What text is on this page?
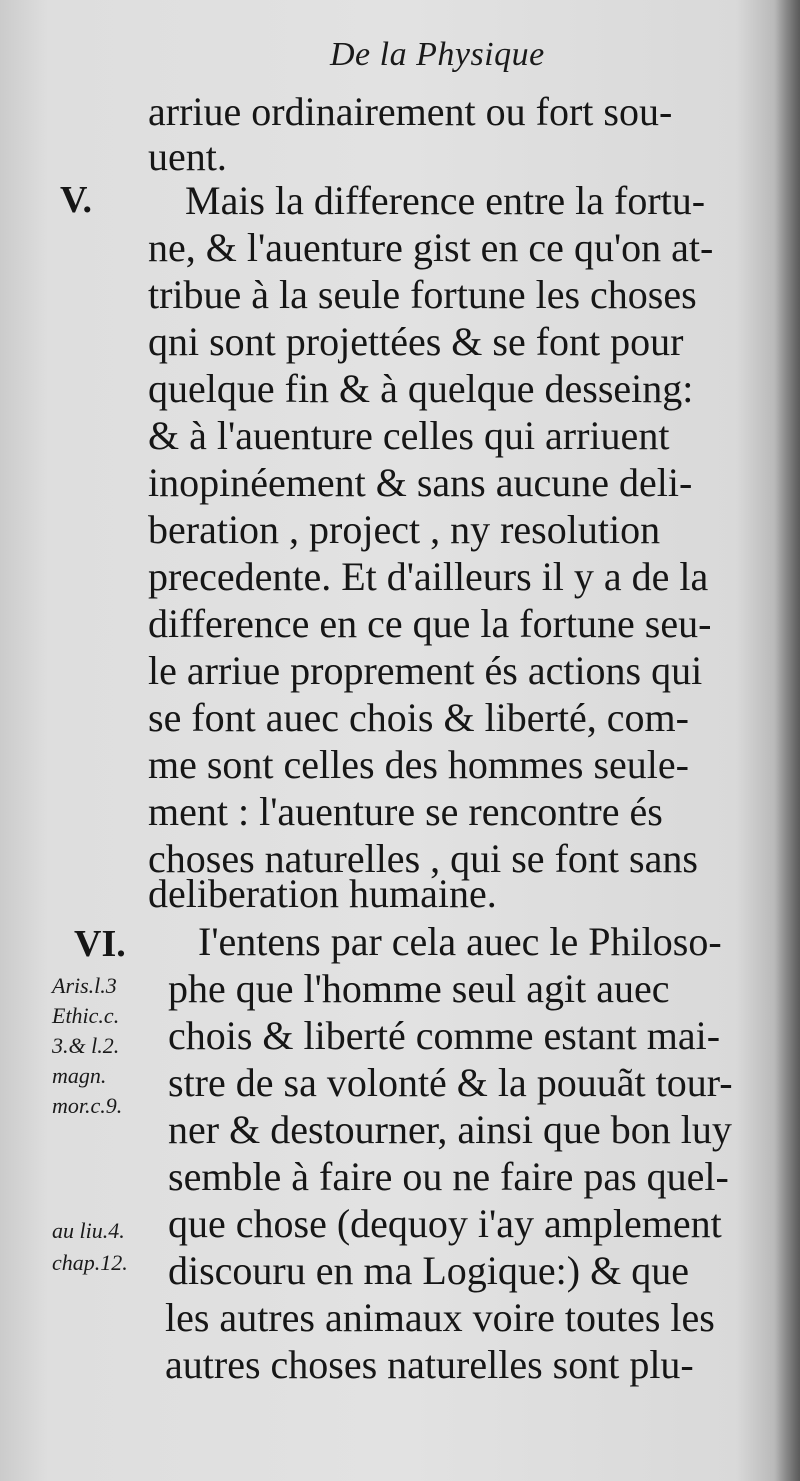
De la Physique
V.
VI.
arriue ordinairement ou fort sou-
uent.
Mais la difference entre la fortu-
ne, & l'auenture gist en ce qu'on at-
tribue à la seule fortune les choses
qni sont projettées & se font pour
quelque fin & à quelque desseing:
& à l'auenture celles qui arriuent
inopinéement & sans aucune deli-
beration , project , ny resolution
precedente. Et d'ailleurs il y a de la
difference en ce que la fortune seu-
le arriue proprement és actions qui
se font auec chois & liberté, com-
me sont celles des hommes seule-
ment : l'auenture se rencontre és
choses naturelles , qui se font sans
deliberation humaine.
I'entens par cela auec le Philoso-
phe que l'homme seul agit auec
chois & liberté comme estant mai-
stre de sa volonté & la pouuãt tour-
ner & destourner, ainsi que bon luy
semble à faire ou ne faire pas quel-
que chose (dequoy i'ay amplement
discouru en ma Logique:) & que
les autres animaux voire toutes les
autres choses naturelles sont plu-
Aris.l.3
Ethic.c.
3.& l.2.
magn.
mor.c.9.
au liu.4.
chap.12.
